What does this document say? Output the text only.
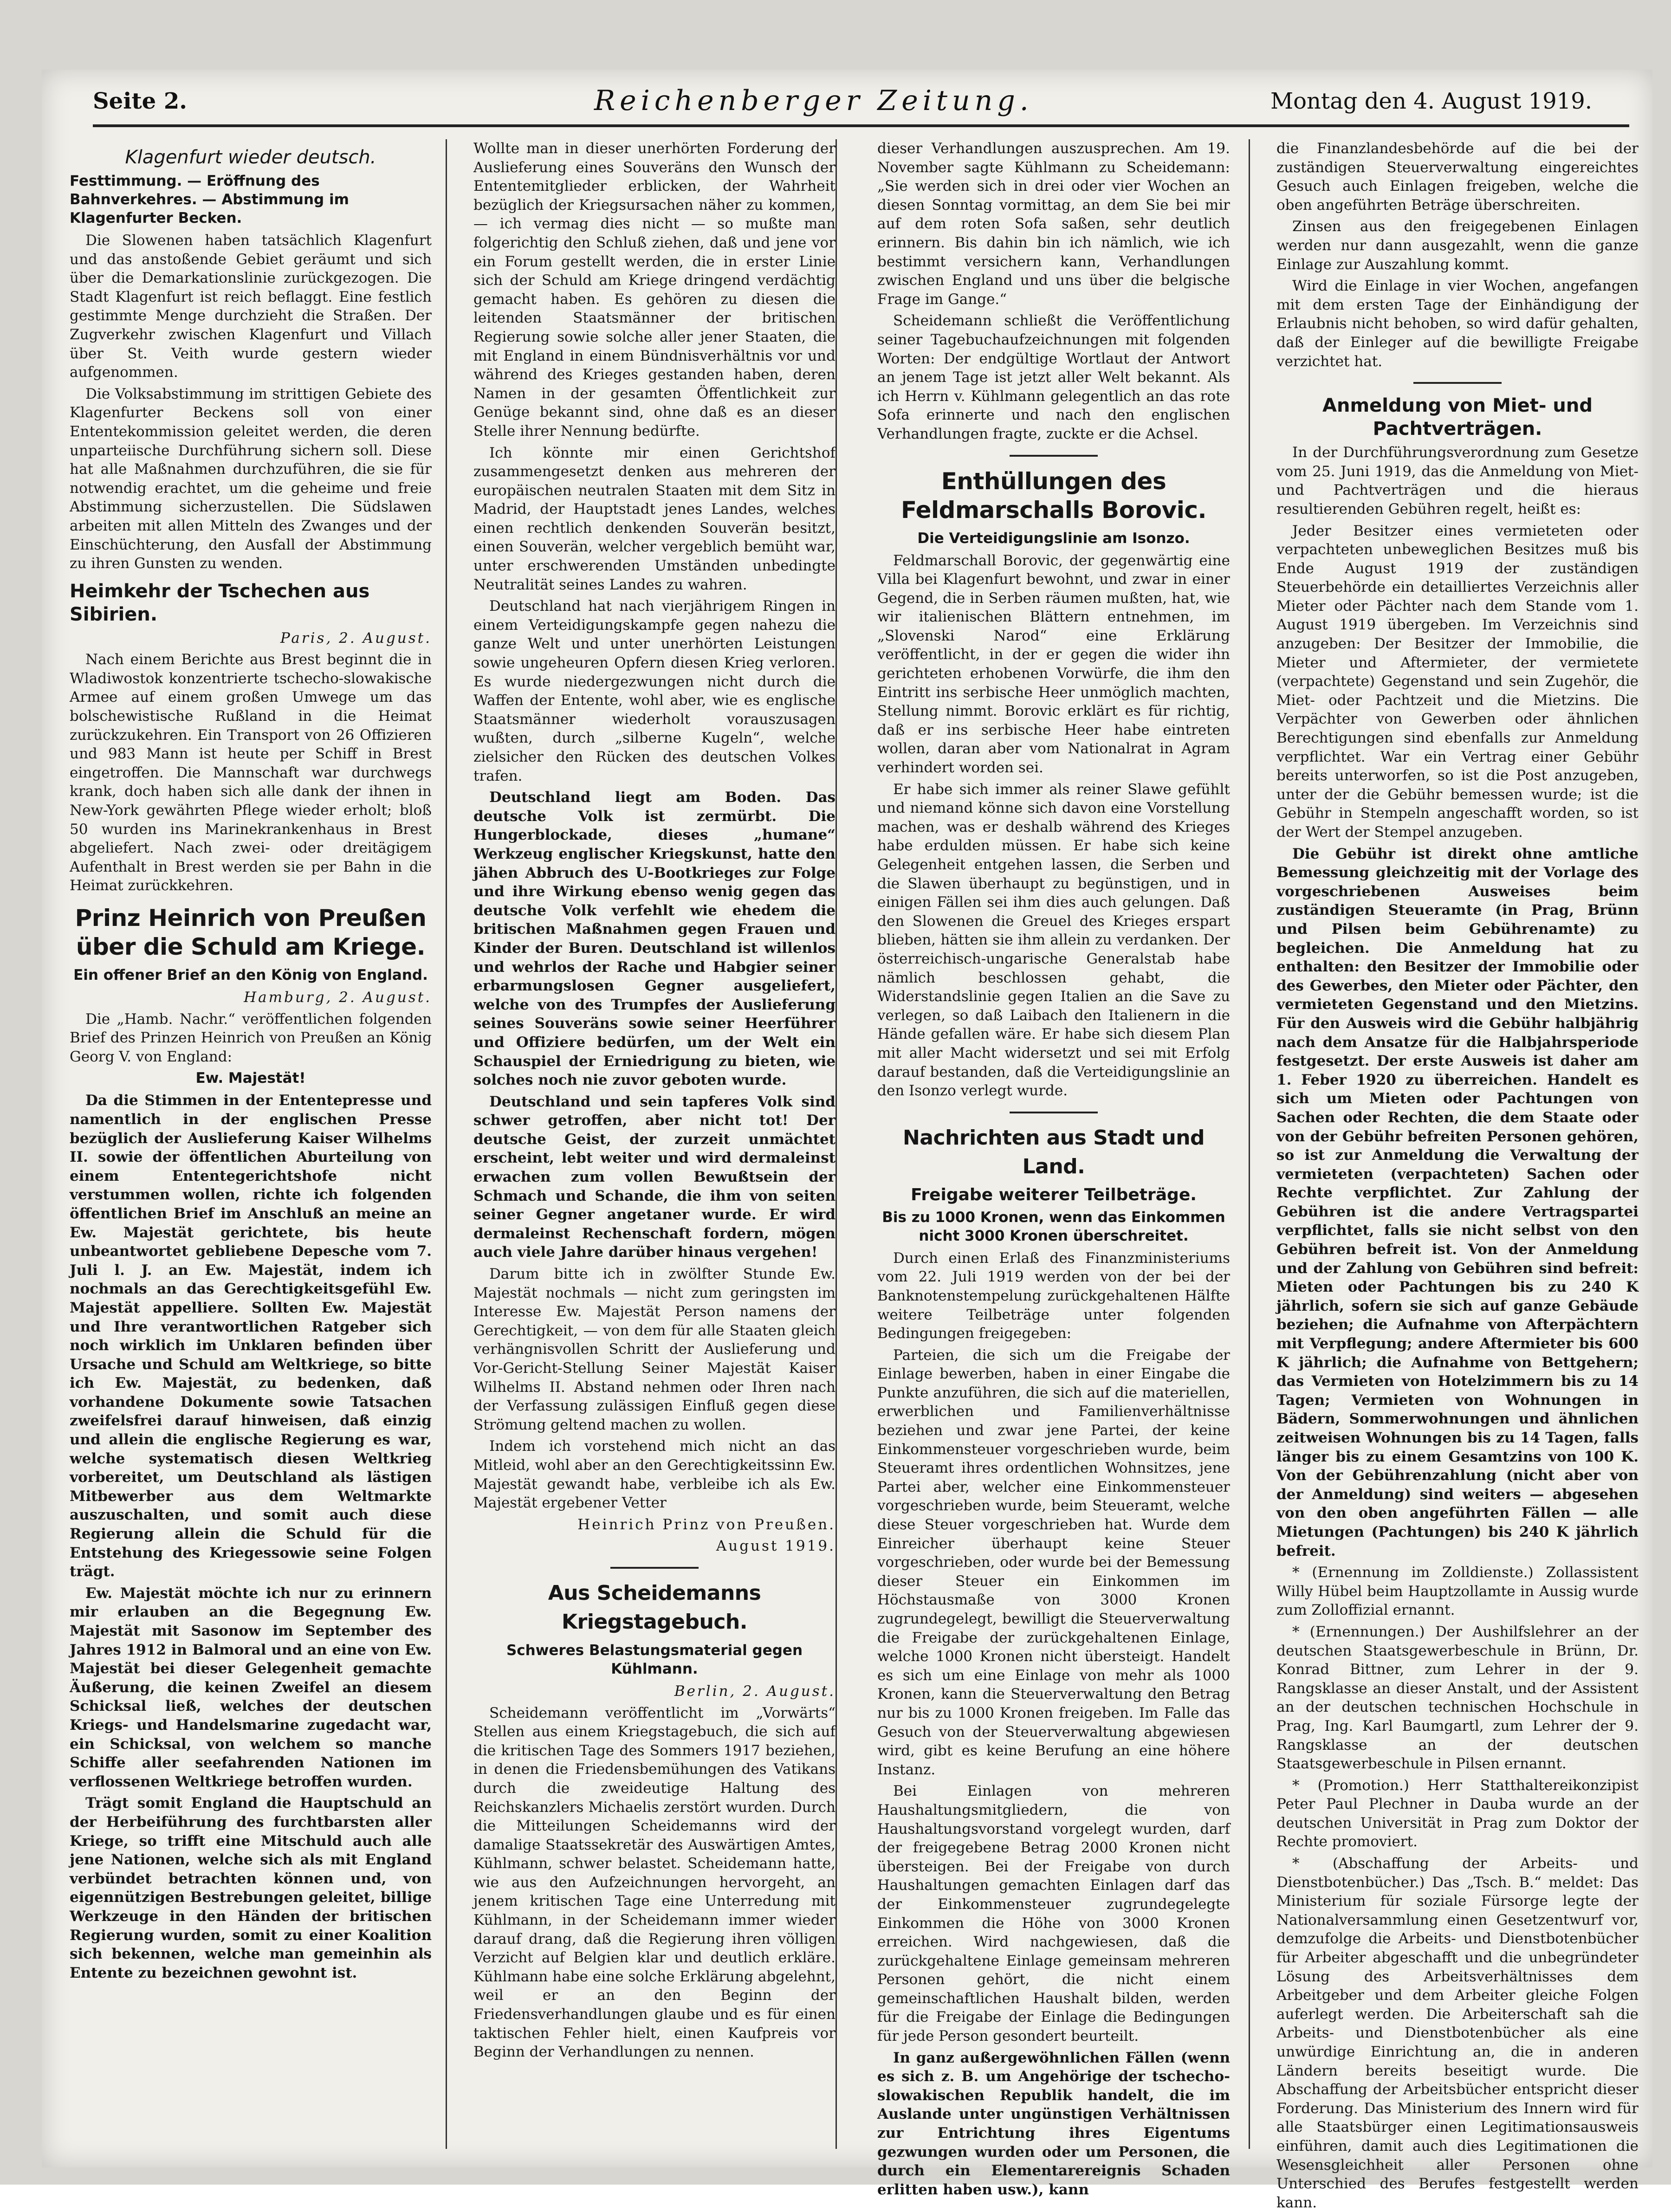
Seite 2.	Reichenberger Zeitung.	Montag den 4. August 1919.
Klagenfurt wieder deutsch.
Festtimmung. — Eröffnung des Bahnverkehres. — Abstimmung im Klagenfurter Becken.

Die Slowenen haben tatsächlich Klagenfurt und das anstoßende Gebiet geräumt und sich über die Demarkationslinie zurückgezogen. Die Stadt Klagenfurt ist reich beflaggt. Eine festlich gestimmte Menge durchzieht die Straßen. Der Zugverkehr zwischen Klagenfurt und Villach über St. Veith wurde gestern wieder aufgenommen.

Die Volksabstimmung im strittigen Gebiete des Klagenfurter Beckens soll von einer Ententekommission geleitet werden, die deren unparteiische Durchführung sichern soll. Diese hat alle Maßnahmen durchzuführen, die sie für notwendig erachtet, um die geheime und freie Abstimmung sicherzustellen. Die Südslawen arbeiten mit allen Mitteln des Zwanges und der Einschüchterung, den Ausfall der Abstimmung zu ihren Gunsten zu wenden.

Heimkehr der Tschechen aus Sibirien.
Paris, 2. August.

Nach einem Berichte aus Brest beginnt die in Wladiwostok konzentrierte tschecho-slowakische Armee auf einem großen Umwege um das bolschewistische Rußland in die Heimat zurückzukehren. Ein Transport von 26 Offizieren und 983 Mann ist heute per Schiff in Brest eingetroffen. Die Mannschaft war durchwegs krank, doch haben sich alle dank der ihnen in New-York gewährten Pflege wieder erholt; bloß 50 wurden ins Marinekrankenhaus in Brest abgeliefert. Nach zwei- oder dreitägigem Aufenthalt in Brest werden sie per Bahn in die Heimat zurückkehren.

Prinz Heinrich von Preußen über die Schuld am Kriege.
Ein offener Brief an den König von England.
Hamburg, 2. August.

Die „Hamb. Nachr.“ veröffentlichen folgenden Brief des Prinzen Heinrich von Preußen an König Georg V. von England:

Ew. Majestät!

Da die Stimmen in der Ententepresse und namentlich in der englischen Presse bezüglich der Auslieferung Kaiser Wilhelms II. sowie der öffentlichen Aburteilung von einem Ententegerichtshofe nicht verstummen wollen, richte ich folgenden öffentlichen Brief im Anschluß an meine an Ew. Majestät gerichtete, bis heute unbeantwortet gebliebene Depesche vom 7. Juli l. J. an Ew. Majestät, indem ich nochmals an das Gerechtigkeitsgefühl Ew. Majestät appelliere. Sollten Ew. Majestät und Ihre verantwortlichen Ratgeber sich noch wirklich im Unklaren befinden über Ursache und Schuld am Weltkriege, so bitte ich Ew. Majestät, zu bedenken, daß vorhandene Dokumente sowie Tatsachen zweifelsfrei darauf hinweisen, daß einzig und allein die englische Regierung es war, welche systematisch diesen Weltkrieg vorbereitet, um Deutschland als lästigen Mitbewerber aus dem Weltmarkte auszuschalten, und somit auch diese Regierung allein die Schuld für die Entstehung des Kriegessowie seine Folgen trägt.

Ew. Majestät möchte ich nur zu erinnern mir erlauben an die Begegnung Ew. Majestät mit Sasonow im September des Jahres 1912 in Balmoral und an eine von Ew. Majestät bei dieser Gelegenheit gemachte Äußerung, die keinen Zweifel an diesem Schicksal ließ, welches der deutschen Kriegs- und Handelsmarine zugedacht war, ein Schicksal, von welchem so manche Schiffe aller seefahrenden Nationen im verflossenen Weltkriege betroffen wurden.

Trägt somit England die Hauptschuld an der Herbeiführung des furchtbarsten aller Kriege, so trifft eine Mitschuld auch alle jene Nationen, welche sich als mit England verbündet betrachten können und, von eigennützigen Bestrebungen geleitet, billige Werkzeuge in den Händen der britischen Regierung wurden, somit zu einer Koalition sich bekennen, welche man gemeinhin als Entente zu bezeichnen gewohnt ist.

Wollte man in dieser unerhörten Forderung der Auslieferung eines Souveräns den Wunsch der Ententemitglieder erblicken, der Wahrheit bezüglich der Kriegsursachen näher zu kommen, — ich vermag dies nicht — so mußte man folgerichtig den Schluß ziehen, daß und jene vor ein Forum gestellt werden, die in erster Linie sich der Schuld am Kriege dringend verdächtig gemacht haben. Es gehören zu diesen die leitenden Staatsmänner der britischen Regierung sowie solche aller jener Staaten, die mit England in einem Bündnisverhältnis vor und während des Krieges gestanden haben, deren Namen in der gesamten Öffentlichkeit zur Genüge bekannt sind, ohne daß es an dieser Stelle ihrer Nennung bedürfte.

Ich könnte mir einen Gerichtshof zusammengesetzt denken aus mehreren der europäischen neutralen Staaten mit dem Sitz in Madrid, der Hauptstadt jenes Landes, welches einen rechtlich denkenden Souverän besitzt, einen Souverän, welcher vergeblich bemüht war, unter erschwerenden Umständen unbedingte Neutralität seines Landes zu wahren.

Deutschland hat nach vierjährigem Ringen in einem Verteidigungskampfe gegen nahezu die ganze Welt und unter unerhörten Leistungen sowie ungeheuren Opfern diesen Krieg verloren. Es wurde niedergezwungen nicht durch die Waffen der Entente, wohl aber, wie es englische Staatsmänner wiederholt vorauszusagen wußten, durch „silberne Kugeln“, welche zielsicher den Rücken des deutschen Volkes trafen.

Deutschland liegt am Boden. Das deutsche Volk ist zermürbt. Die Hungerblockade, dieses „humane“ Werkzeug englischer Kriegskunst, hatte den jähen Abbruch des U-Bootkrieges zur Folge und ihre Wirkung ebenso wenig gegen das deutsche Volk verfehlt wie ehedem die britischen Maßnahmen gegen Frauen und Kinder der Buren. Deutschland ist willenlos und wehrlos der Rache und Habgier seiner erbarmungslosen Gegner ausgeliefert, welche von des Trumpfes der Auslieferung seines Souveräns sowie seiner Heerführer und Offiziere bedürfen, um der Welt ein Schauspiel der Erniedrigung zu bieten, wie solches noch nie zuvor geboten wurde.

Deutschland und sein tapferes Volk sind schwer getroffen, aber nicht tot! Der deutsche Geist, der zurzeit unmächtet erscheint, lebt weiter und wird dermaleinst erwachen zum vollen Bewußtsein der Schmach und Schande, die ihm von seiten seiner Gegner angetaner wurde. Er wird dermaleinst Rechenschaft fordern, mögen auch viele Jahre darüber hinaus vergehen!

Darum bitte ich in zwölfter Stunde Ew. Majestät nochmals — nicht zum geringsten im Interesse Ew. Majestät Person namens der Gerechtigkeit, — von dem für alle Staaten gleich verhängnisvollen Schritt der Auslieferung und Vor-Gericht-Stellung Seiner Majestät Kaiser Wilhelms II. Abstand nehmen oder Ihren nach der Verfassung zulässigen Einfluß gegen diese Strömung geltend machen zu wollen.

Indem ich vorstehend mich nicht an das Mitleid, wohl aber an den Gerechtigkeitssinn Ew. Majestät gewandt habe, verbleibe ich als Ew. Majestät ergebener Vetter

Heinrich Prinz von Preußen.
August 1919.
Aus Scheidemanns Kriegstagebuch.
Schweres Belastungsmaterial gegen Kühlmann.
Berlin, 2. August.

Scheidemann veröffentlicht im „Vorwärts“ Stellen aus einem Kriegstagebuch, die sich auf die kritischen Tage des Sommers 1917 beziehen, in denen die Friedensbemühungen des Vatikans durch die zweideutige Haltung des Reichskanzlers Michaelis zerstört wurden. Durch die Mitteilungen Scheidemanns wird der damalige Staatssekretär des Auswärtigen Amtes, Kühlmann, schwer belastet. Scheidemann hatte, wie aus den Aufzeichnungen hervorgeht, an jenem kritischen Tage eine Unterredung mit Kühlmann, in der Scheidemann immer wieder darauf drang, daß die Regierung ihren völligen Verzicht auf Belgien klar und deutlich erkläre. Kühlmann habe eine solche Erklärung abgelehnt, weil er an den Beginn der Friedensverhandlungen glaube und es für einen taktischen Fehler hielt, einen Kaufpreis vor Beginn der Verhandlungen zu nennen.

dieser Verhandlungen auszusprechen. Am 19. November sagte Kühlmann zu Scheidemann: „Sie werden sich in drei oder vier Wochen an diesen Sonntag vormittag, an dem Sie bei mir auf dem roten Sofa saßen, sehr deutlich erinnern. Bis dahin bin ich nämlich, wie ich bestimmt versichern kann, Verhandlungen zwischen England und uns über die belgische Frage im Gange.“

Scheidemann schließt die Veröffentlichung seiner Tagebuchaufzeichnungen mit folgenden Worten: Der endgültige Wortlaut der Antwort an jenem Tage ist jetzt aller Welt bekannt. Als ich Herrn v. Kühlmann gelegentlich an das rote Sofa erinnerte und nach den englischen Verhandlungen fragte, zuckte er die Achsel.

Enthüllungen des Feldmarschalls Borovic.
Die Verteidigungslinie am Isonzo.

Feldmarschall Borovic, der gegenwärtig eine Villa bei Klagenfurt bewohnt, und zwar in einer Gegend, die in Serben räumen mußten, hat, wie wir italienischen Blättern entnehmen, im „Slovenski Narod“ eine Erklärung veröffentlicht, in der er gegen die wider ihn gerichteten erhobenen Vorwürfe, die ihm den Eintritt ins serbische Heer unmöglich machten, Stellung nimmt. Borovic erklärt es für richtig, daß er ins serbische Heer habe eintreten wollen, daran aber vom Nationalrat in Agram verhindert worden sei.

Er habe sich immer als reiner Slawe gefühlt und niemand könne sich davon eine Vorstellung machen, was er deshalb während des Krieges habe erdulden müssen. Er habe sich keine Gelegenheit entgehen lassen, die Serben und die Slawen überhaupt zu begünstigen, und in einigen Fällen sei ihm dies auch gelungen. Daß den Slowenen die Greuel des Krieges erspart blieben, hätten sie ihm allein zu verdanken. Der österreichisch-ungarische Generalstab habe nämlich beschlossen gehabt, die Widerstandslinie gegen Italien an die Save zu verlegen, so daß Laibach den Italienern in die Hände gefallen wäre. Er habe sich diesem Plan mit aller Macht widersetzt und sei mit Erfolg darauf bestanden, daß die Verteidigungslinie an den Isonzo verlegt wurde.

Nachrichten aus Stadt und Land.
Freigabe weiterer Teilbeträge.
Bis zu 1000 Kronen, wenn das Einkommen nicht 3000 Kronen überschreitet.

Durch einen Erlaß des Finanzministeriums vom 22. Juli 1919 werden von der bei der Banknotenstempelung zurückgehaltenen Hälfte weitere Teilbeträge unter folgenden Bedingungen freigegeben:

Parteien, die sich um die Freigabe der Einlage bewerben, haben in einer Eingabe die Punkte anzuführen, die sich auf die materiellen, erwerblichen und Familienverhältnisse beziehen und zwar jene Partei, der keine Einkommensteuer vorgeschrieben wurde, beim Steueramt ihres ordentlichen Wohnsitzes, jene Partei aber, welcher eine Einkommensteuer vorgeschrieben wurde, beim Steueramt, welche diese Steuer vorgeschrieben hat. Wurde dem Einreicher überhaupt keine Steuer vorgeschrieben, oder wurde bei der Bemessung dieser Steuer ein Einkommen im Höchstausmaße von 3000 Kronen zugrundegelegt, bewilligt die Steuerverwaltung die Freigabe der zurückgehaltenen Einlage, welche 1000 Kronen nicht übersteigt. Handelt es sich um eine Einlage von mehr als 1000 Kronen, kann die Steuerverwaltung den Betrag nur bis zu 1000 Kronen freigeben. Im Falle das Gesuch von der Steuerverwaltung abgewiesen wird, gibt es keine Berufung an eine höhere Instanz.

Bei Einlagen von mehreren Haushaltungsmitgliedern, die von Haushaltungsvorstand vorgelegt wurden, darf der freigegebene Betrag 2000 Kronen nicht übersteigen. Bei der Freigabe von durch Haushaltungen gemachten Einlagen darf das der Einkommensteuer zugrundegelegte Einkommen die Höhe von 3000 Kronen erreichen. Wird nachgewiesen, daß die zurückgehaltene Einlage gemeinsam mehreren Personen gehört, die nicht einem gemeinschaftlichen Haushalt bilden, werden für die Freigabe der Einlage die Bedingungen für jede Person gesondert beurteilt.

In ganz außergewöhnlichen Fällen (wenn es sich z. B. um Angehörige der tschecho-slowakischen Republik handelt, die im Auslande unter ungünstigen Verhältnissen zur Entrichtung ihres Eigentums gezwungen wurden oder um Personen, die durch ein Elementarereignis Schaden erlitten haben usw.), kann

die Finanzlandesbehörde auf die bei der zuständigen Steuerverwaltung eingereichtes Gesuch auch Einlagen freigeben, welche die oben angeführten Beträge überschreiten.

Zinsen aus den freigegebenen Einlagen werden nur dann ausgezahlt, wenn die ganze Einlage zur Auszahlung kommt.

Wird die Einlage in vier Wochen, angefangen mit dem ersten Tage der Einhändigung der Erlaubnis nicht behoben, so wird dafür gehalten, daß der Einleger auf die bewilligte Freigabe verzichtet hat.

Anmeldung von Miet- und Pachtverträgen.

In der Durchführungsverordnung zum Gesetze vom 25. Juni 1919, das die Anmeldung von Miet- und Pachtverträgen und die hieraus resultierenden Gebühren regelt, heißt es:

Jeder Besitzer eines vermieteten oder verpachteten unbeweglichen Besitzes muß bis Ende August 1919 der zuständigen Steuerbehörde ein detailliertes Verzeichnis aller Mieter oder Pächter nach dem Stande vom 1. August 1919 übergeben. Im Verzeichnis sind anzugeben: Der Besitzer der Immobilie, die Mieter und Aftermieter, der vermietete (verpachtete) Gegenstand und sein Zugehör, die Miet- oder Pachtzeit und die Mietzins. Die Verpächter von Gewerben oder ähnlichen Berechtigungen sind ebenfalls zur Anmeldung verpflichtet. War ein Vertrag einer Gebühr bereits unterworfen, so ist die Post anzugeben, unter der die Gebühr bemessen wurde; ist die Gebühr in Stempeln angeschafft worden, so ist der Wert der Stempel anzugeben.

Die Gebühr ist direkt ohne amtliche Bemessung gleichzeitig mit der Vorlage des vorgeschriebenen Ausweises beim zuständigen Steueramte (in Prag, Brünn und Pilsen beim Gebührenamte) zu begleichen. Die Anmeldung hat zu enthalten: den Besitzer der Immobilie oder des Gewerbes, den Mieter oder Pächter, den vermieteten Gegenstand und den Mietzins. Für den Ausweis wird die Gebühr halbjährig nach dem Ansatze für die Halbjahrsperiode festgesetzt. Der erste Ausweis ist daher am 1. Feber 1920 zu überreichen. Handelt es sich um Mieten oder Pachtungen von Sachen oder Rechten, die dem Staate oder von der Gebühr befreiten Personen gehören, so ist zur Anmeldung die Verwaltung der vermieteten (verpachteten) Sachen oder Rechte verpflichtet. Zur Zahlung der Gebühren ist die andere Vertragspartei verpflichtet, falls sie nicht selbst von den Gebühren befreit ist. Von der Anmeldung und der Zahlung von Gebühren sind befreit: Mieten oder Pachtungen bis zu 240 K jährlich, sofern sie sich auf ganze Gebäude beziehen; die Aufnahme von Afterpächtern mit Verpflegung; andere Aftermieter bis 600 K jährlich; die Aufnahme von Bettgehern; das Vermieten von Hotelzimmern bis zu 14 Tagen; Vermieten von Wohnungen in Bädern, Sommerwohnungen und ähnlichen zeitweisen Wohnungen bis zu 14 Tagen, falls länger bis zu einem Gesamtzins von 100 K. Von der Gebührenzahlung (nicht aber von der Anmeldung) sind weiters — abgesehen von den oben angeführten Fällen — alle Mietungen (Pachtungen) bis 240 K jährlich befreit.

* (Ernennung im Zolldienste.) Zollassistent Willy Hübel beim Hauptzollamte in Aussig wurde zum Zolloffizial ernannt.

* (Ernennungen.) Der Aushilfslehrer an der deutschen Staatsgewerbeschule in Brünn, Dr. Konrad Bittner, zum Lehrer in der 9. Rangsklasse an dieser Anstalt, und der Assistent an der deutschen technischen Hochschule in Prag, Ing. Karl Baumgartl, zum Lehrer der 9. Rangsklasse an der deutschen Staatsgewerbeschule in Pilsen ernannt.

* (Promotion.) Herr Statthaltereikonzipist Peter Paul Plechner in Dauba wurde an der deutschen Universität in Prag zum Doktor der Rechte promoviert.

* (Abschaffung der Arbeits- und Dienstbotenbücher.) Das „Tsch. B.“ meldet: Das Ministerium für soziale Fürsorge legte der Nationalversammlung einen Gesetzentwurf vor, demzufolge die Arbeits- und Dienstbotenbücher für Arbeiter abgeschafft und die unbegründeter Lösung des Arbeitsverhältnisses dem Arbeitgeber und dem Arbeiter gleiche Folgen auferlegt werden. Die Arbeiterschaft sah die Arbeits- und Dienstbotenbücher als eine unwürdige Einrichtung an, die in anderen Ländern bereits beseitigt wurde. Die Abschaffung der Arbeitsbücher entspricht dieser Forderung. Das Ministerium des Innern wird für alle Staatsbürger einen Legitimationsausweis einführen, damit auch dies Legitimationen die Wesensgleichheit aller Personen ohne Unterschied des Berufes festgestellt werden kann.
